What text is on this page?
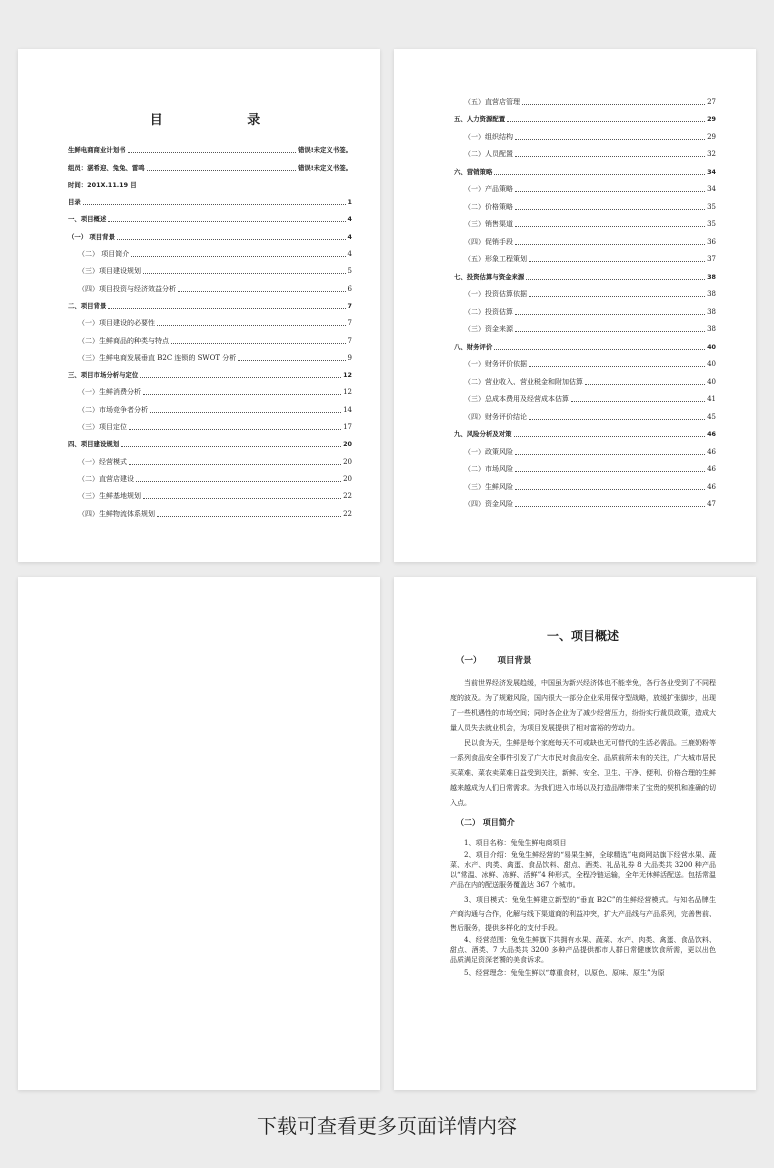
目 录
生鲜电商商业计划书	错误!未定义书签。
组员：湛希迎、兔兔、雷鸣	错误!未定义书签。
时间：201X.11.19 目
目录	1
一、项目概述	4
（一） 项目背景	4
（二） 项目简介	4
（三）项目建设规划	5
（四）项目投资与经济效益分析	6
二、项目背景	7
（一）项目建设的必要性	7
（二）生鲜商品的种类与特点	7
（三）生鲜电商发展垂直 B2C 连锁的 SWOT 分析	9
三、项目市场分析与定位	12
（一）生鲜消费分析	12
（二）市场竞争者分析	14
（三）项目定位	17
四、项目建设规划	20
（一）经营模式	20
（二）直营店建设	20
（三）生鲜基地规划	22
（四）生鲜物流体系规划	22
（五）直营店管理	27
五、人力资源配置	29
（一）组织结构	29
（二）人员配置	32
六、营销策略	34
（一）产品策略	34
（二）价格策略	35
（三）销售渠道	35
（四）促销手段	36
（五）形象工程策划	37
七、投资估算与资金来源	38
（一）投资估算依据	38
（二）投资估算	38
（三）资金来源	38
八、财务评价	40
（一）财务评价依据	40
（二）营业收入、营业税金和附加估算	40
（三）总成本费用及经营成本估算	41
（四）财务评价结论	45
九、风险分析及对策	46
（一）政策风险	46
（二）市场风险	46
（三）生鲜风险	46
（四）资金风险	47
一、项目概述
（一） 项目背景

当前世界经济发展趋缓，中国虽为新兴经济体也不能幸免，各行各业受到了不同程度的波及。为了规避风险，国内很大一部分企业采用保守型战略，放缓扩张脚步，出现了一些机遇性的市场空间；同时各企业为了减少经营压力，纷纷实行裁员政策，造成大量人员失去就业机会，为项目发展提供了相对富裕的劳动力。

民以食为天，生鲜是每个家庭每天不可或缺也无可替代的生活必需品。三鹿奶粉等一系列食品安全事件引发了广大市民对食品安全、品质前所未有的关注，广大城市居民买菜难、菜农卖菜难日益受到关注，新鲜、安全、卫生、干净、便利、价格合理的生鲜越来越成为人们日常需求。为我们进入市场以及打造品牌带来了宝贵的契机和准确的切入点。

（二） 项目简介

1、项目名称：兔兔生鲜电商项目

2、项目介绍：兔兔生鲜经营的“易果生鲜，全球精选”电商网站旗下经营水果、蔬菜、水产、肉类、禽蛋、食品饮料、甜点、酒类、礼品礼券 8 大品类共 3200 种产品以“常温、冰鲜、冻鲜、活鲜”4 种形式，全程冷链运输，全年无休鲜活配送。包括常温产品在内的配送服务覆盖达 367 个城市。

3、项目模式：兔兔生鲜建立新型的“垂直 B2C”的生鲜经营模式。与知名品牌生产商沟通与合作，化解与线下渠道商的利益冲突，扩大产品线与产品系列，完善售前、售后服务，提供多样化的支付手段。

4、经营范围：兔兔生鲜旗下共拥有水果、蔬菜、水产、肉类、禽蛋、食品饮料、甜点、酒类、7 大品类共 3200 多种产品提供都市人群日常健康饮食所需，更以出色品质满足资深老饕的美食诉求。

5、经营理念：兔兔生鲜以“尊重食材，以原色、原味、原生”为原

下载可查看更多页面详情内容
